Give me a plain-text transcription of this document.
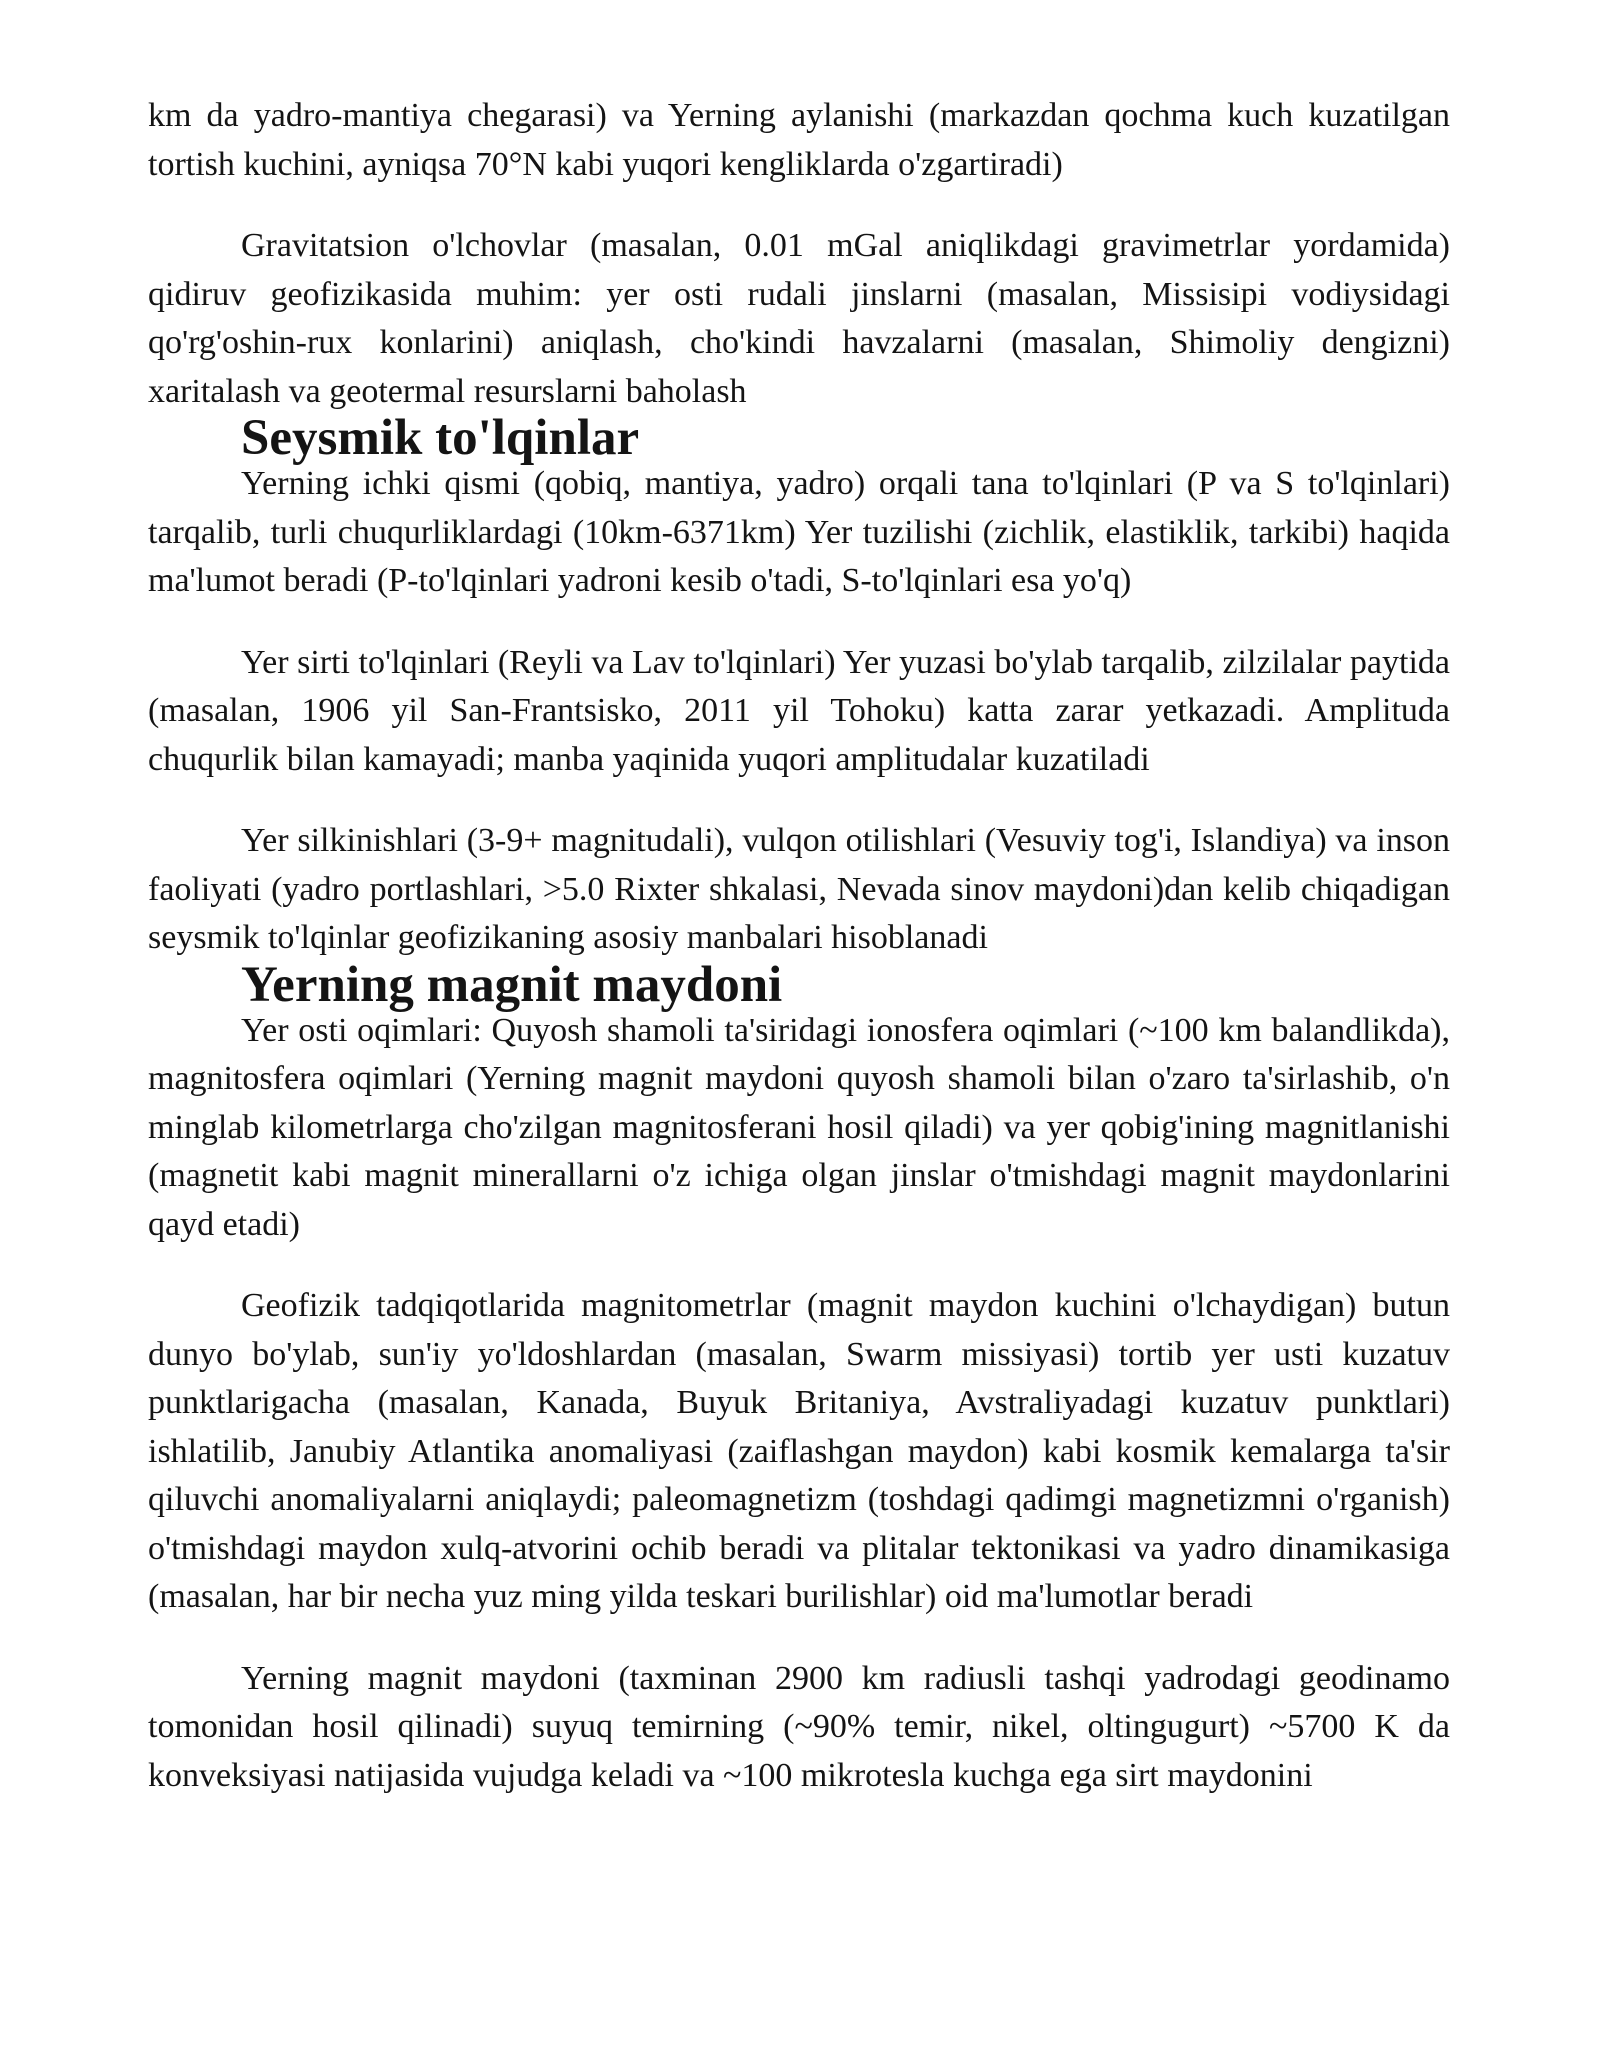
km da yadro-mantiya chegarasi) va Yerning aylanishi (markazdan qochma kuch kuzatilgan tortish kuchini, ayniqsa 70°N kabi yuqori kengliklarda o'zgartiradi)

Gravitatsion o'lchovlar (masalan, 0.01 mGal aniqlikdagi gravimetrlar yordamida) qidiruv geofizikasida muhim: yer osti rudali jinslarni (masalan, Missisipi vodiysidagi qo'rg'oshin-rux konlarini) aniqlash, cho'kindi havzalarni (masalan, Shimoliy dengizni) xaritalash va geotermal resurslarni baholash

Seysmik to'lqinlar

Yerning ichki qismi (qobiq, mantiya, yadro) orqali tana to'lqinlari (P va S to'lqinlari) tarqalib, turli chuqurliklardagi (10km-6371km) Yer tuzilishi (zichlik, elastiklik, tarkibi) haqida ma'lumot beradi (P-to'lqinlari yadroni kesib o'tadi, S-to'lqinlari esa yo'q)

Yer sirti to'lqinlari (Reyli va Lav to'lqinlari) Yer yuzasi bo'ylab tarqalib, zilzilalar paytida (masalan, 1906 yil San-Frantsisko, 2011 yil Tohoku) katta zarar yetkazadi. Amplituda chuqurlik bilan kamayadi; manba yaqinida yuqori amplitudalar kuzatiladi

Yer silkinishlari (3-9+ magnitudali), vulqon otilishlari (Vesuviy tog'i, Islandiya) va inson faoliyati (yadro portlashlari, >5.0 Rixter shkalasi, Nevada sinov maydoni)dan kelib chiqadigan seysmik to'lqinlar geofizikaning asosiy manbalari hisoblanadi

Yerning magnit maydoni

Yer osti oqimlari: Quyosh shamoli ta'siridagi ionosfera oqimlari (~100 km balandlikda), magnitosfera oqimlari (Yerning magnit maydoni quyosh shamoli bilan o'zaro ta'sirlashib, o'n minglab kilometrlarga cho'zilgan magnitosferani hosil qiladi) va yer qobig'ining magnitlanishi (magnetit kabi magnit minerallarni o'z ichiga olgan jinslar o'tmishdagi magnit maydonlarini qayd etadi)

Geofizik tadqiqotlarida magnitometrlar (magnit maydon kuchini o'lchaydigan) butun dunyo bo'ylab, sun'iy yo'ldoshlardan (masalan, Swarm missiyasi) tortib yer usti kuzatuv punktlarigacha (masalan, Kanada, Buyuk Britaniya, Avstraliyadagi kuzatuv punktlari) ishlatilib, Janubiy Atlantika anomaliyasi (zaiflashgan maydon) kabi kosmik kemalarga ta'sir qiluvchi anomaliyalarni aniqlaydi; paleomagnetizm (toshdagi qadimgi magnetizmni o'rganish) o'tmishdagi maydon xulq-atvorini ochib beradi va plitalar tektonikasi va yadro dinamikasiga (masalan, har bir necha yuz ming yilda teskari burilishlar) oid ma'lumotlar beradi

Yerning magnit maydoni (taxminan 2900 km radiusli tashqi yadrodagi geodinamo tomonidan hosil qilinadi) suyuq temirning (~90% temir, nikel, oltingugurt) ~5700 K da konveksiyasi natijasida vujudga keladi va ~100 mikrotesla kuchga ega sirt maydonini
